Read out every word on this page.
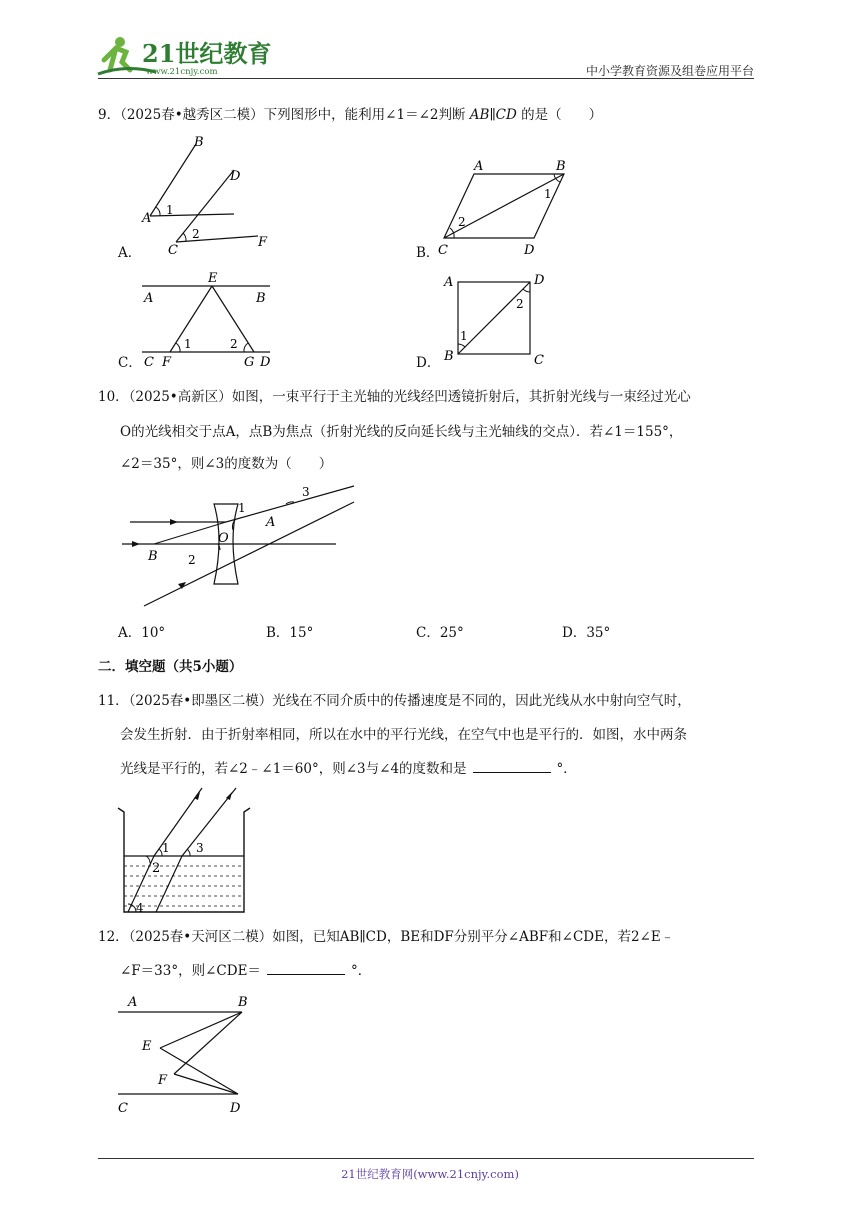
21世纪教育
www.21cnjy.com	中小学教育资源及组卷应用平台
9．（2025春•越秀区二模）下列图形中，能利用∠1＝∠2判断 AB∥CD 的是（　　）
A．
B
D
A
1
2
C
F
B．
A	B
2
1
C	D
C．
E
A	B
1	2
C F	G D	D．
A	D
1
2
B	C
10．（2025•高新区）如图，一束平行于主光轴的光线经凹透镜折射后，其折射光线与一束经过光心
O的光线相交于点A，点B为焦点（折射光线的反向延长线与主光轴线的交点）．若∠1＝155°，
∠2＝35°，则∠3的度数为（　　）
1
3
A
O
B	2
A．10°	B．15°	C．25°	D．35°
二．填空题（共5小题）
11．（2025春•即墨区二模）光线在不同介质中的传播速度是不同的，因此光线从水中射向空气时，
会发生折射．由于折射率相同，所以在水中的平行光线，在空气中也是平行的．如图，水中两条
光线是平行的，若∠2﹣∠1＝60°，则∠3与∠4的度数和是	°．
1 3
2
4
12．（2025春•天河区二模）如图，已知AB∥CD，BE和DF分别平分∠ABF和∠CDE，若2∠E﹣
∠F＝33°，则∠CDE＝	°．
A	B
E
F
C	D
21世纪教育网(www.21cnjy.com)
